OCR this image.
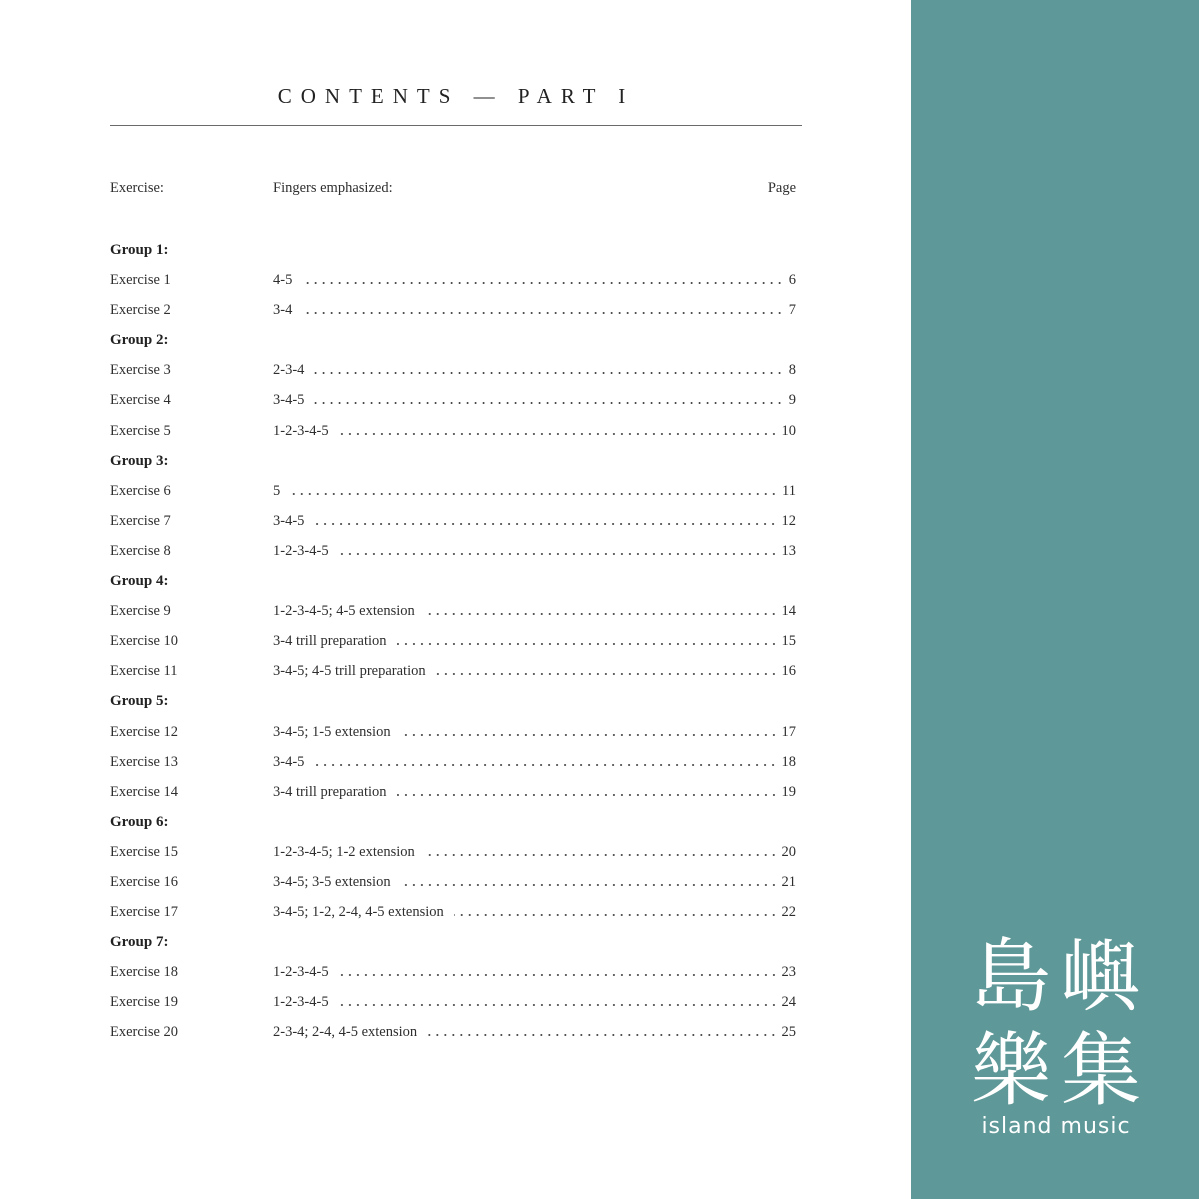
CONTENTS — PART I
Exercise:	Fingers emphasized:	Page
Group 1:
Exercise 1	4-5	6
Exercise 2	3-4	7
Group 2:
Exercise 3	2-3-4	8
Exercise 4	3-4-5	9
Exercise 5	1-2-3-4-5	10
Group 3:
Exercise 6	5	11
Exercise 7	3-4-5	12
Exercise 8	1-2-3-4-5	13
Group 4:
Exercise 9	1-2-3-4-5; 4-5 extension	14
Exercise 10	3-4 trill preparation	15
Exercise 11	3-4-5; 4-5 trill preparation	16
Group 5:
Exercise 12	3-4-5; 1-5 extension	17
Exercise 13	3-4-5	18
Exercise 14	3-4 trill preparation	19
Group 6:
Exercise 15	1-2-3-4-5; 1-2 extension	20
Exercise 16	3-4-5; 3-5 extension	21
Exercise 17	3-4-5; 1-2, 2-4, 4-5 extension	22
Group 7:
Exercise 18	1-2-3-4-5	23
Exercise 19	1-2-3-4-5	24
Exercise 20	2-3-4; 2-4, 4-5 extension	25
島 嶼
樂 集
island music
